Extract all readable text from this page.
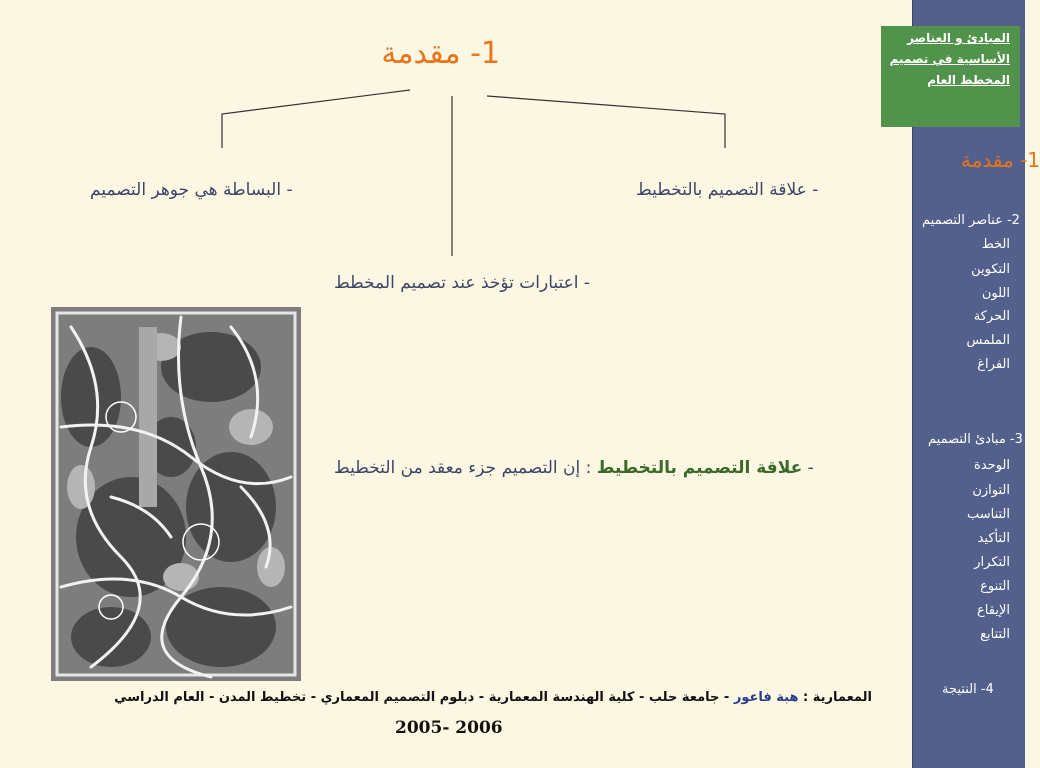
المبادئ و العناصر الأساسية في تصميم المخطط العام
1- مقدمة
2- عناصر التصميم
الخط
التكوين
اللون
الحركة
الملمس
الفراغ
3- مبادئ التصميم
الوحدة
التوازن
التناسب
التأكيد
التكرار
التنوع
الإيقاع
التتابع
4- النتيجة
1- مقدمة
- علاقة التصميم بالتخطيط
- البساطة هي جوهر التصميم
- اعتبارات تؤخذ عند تصميم المخطط
- علاقة التصميم بالتخطيط : إن التصميم جزء معقد من التخطيط
المعمارية : هبة فاعور - جامعة حلب - كلية الهندسة المعمارية - دبلوم التصميم المعماري - تخطيط المدن - العام الدراسي
2005- 2006
